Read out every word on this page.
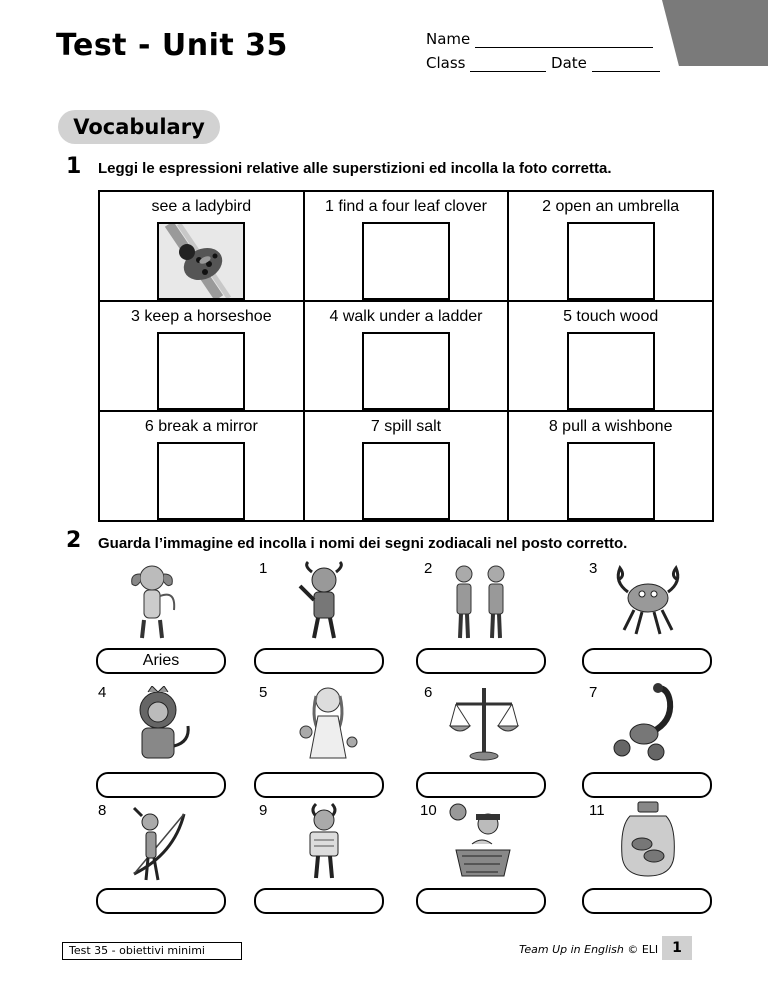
Test - Unit 35	Name
Class	Date
Vocabulary
1 Leggi le espressioni relative alle superstizioni ed incolla la foto corretta.
see a ladybird	1 find a four leaf clover	2 open an umbrella

3 keep a horseshoe	4 walk under a ladder	5 touch wood

6 break a mirror	7 spill salt	8 pull a wishbone
2 Guarda l’immagine ed incolla i nomi dei segni zodiacali nel posto corretto.
1	2	3
Aries
4	5	6	7
8	9	10	11
Test 35 - obiettivi minimi	Team Up in English © ELI 1
